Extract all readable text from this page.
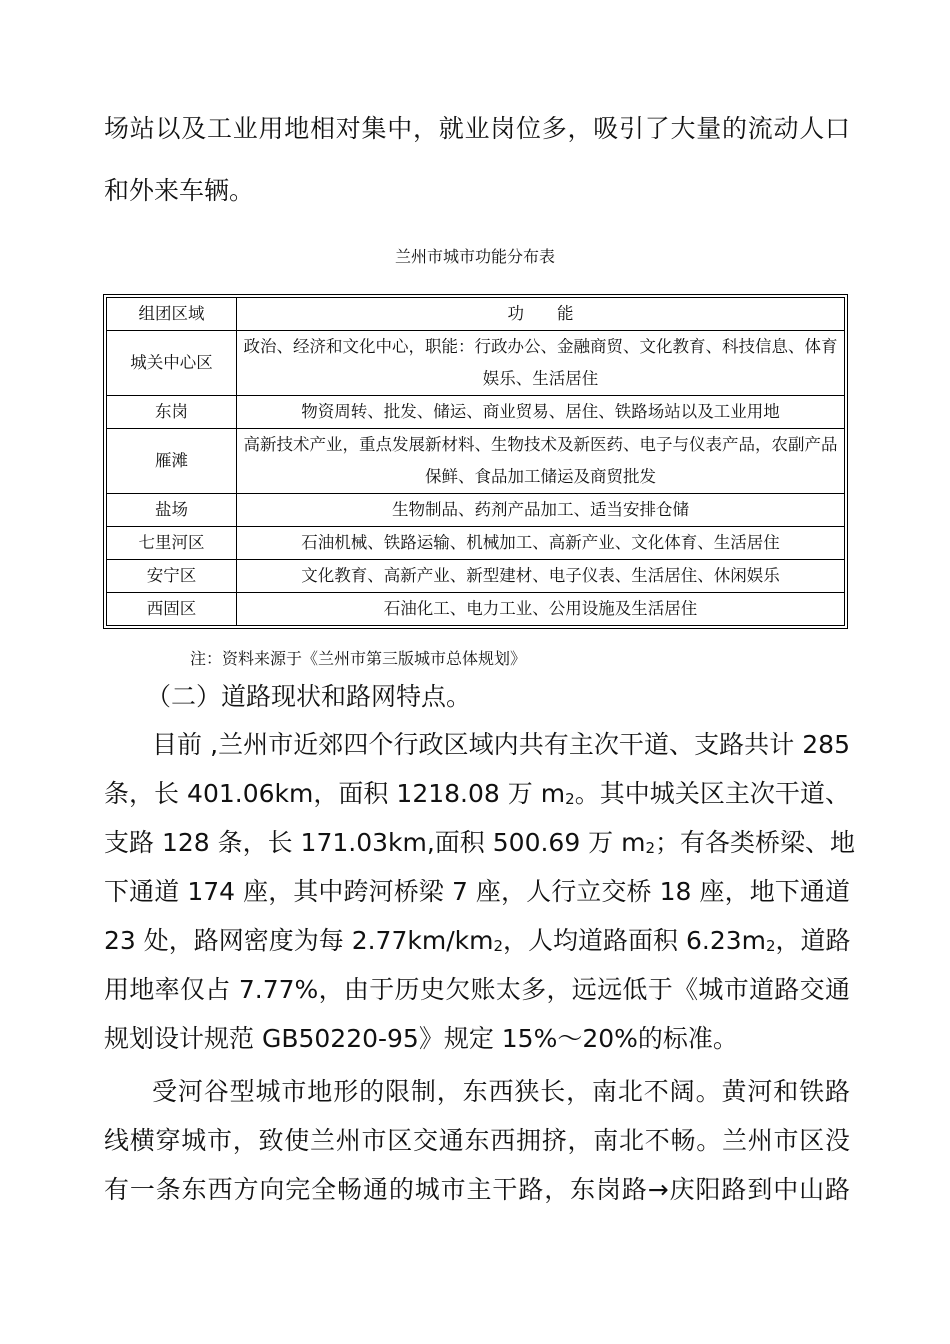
场站以及工业用地相对集中，就业岗位多，吸引了大量的流动人口
和外来车辆。
兰州市城市功能分布表
组团区域	功　　能
城关中心区	政治、经济和文化中心，职能：行政办公、金融商贸、文化教育、科技信息、体育娱乐、生活居住
东岗	物资周转、批发、储运、商业贸易、居住、铁路场站以及工业用地
雁滩	高新技术产业，重点发展新材料、生物技术及新医药、电子与仪表产品，农副产品保鲜、食品加工储运及商贸批发
盐场	生物制品、药剂产品加工、适当安排仓储
七里河区	石油机械、铁路运输、机械加工、高新产业、文化体育、生活居住
安宁区	文化教育、高新产业、新型建材、电子仪表、生活居住、休闲娱乐
西固区	石油化工、电力工业、公用设施及生活居住
注：资料来源于《兰州市第三版城市总体规划》
（二）道路现状和路网特点。
目前 ,兰州市近郊四个行政区域内共有主次干道、支路共计 285
条，长 401.06km，面积 1218.08 万 $m_2$。其中城关区主次干道、
支路 128 条，长 171.03km,面积 500.69 万 $m_2$；有各类桥梁、地
下通道 174 座，其中跨河桥梁 7 座，人行立交桥 18 座，地下通道
23 处，路网密度为每 $2.77km/km_2$，人均道路面积 $6.23m_2$，道路
用地率仅占 7.77%，由于历史欠账太多，远远低于《城市道路交通
规划设计规范 GB50220-95》规定 15%～20%的标准。
受河谷型城市地形的限制，东西狭长，南北不阔。黄河和铁路
线横穿城市，致使兰州市区交通东西拥挤，南北不畅。兰州市区没
有一条东西方向完全畅通的城市主干路，东岗路→庆阳路到中山路
